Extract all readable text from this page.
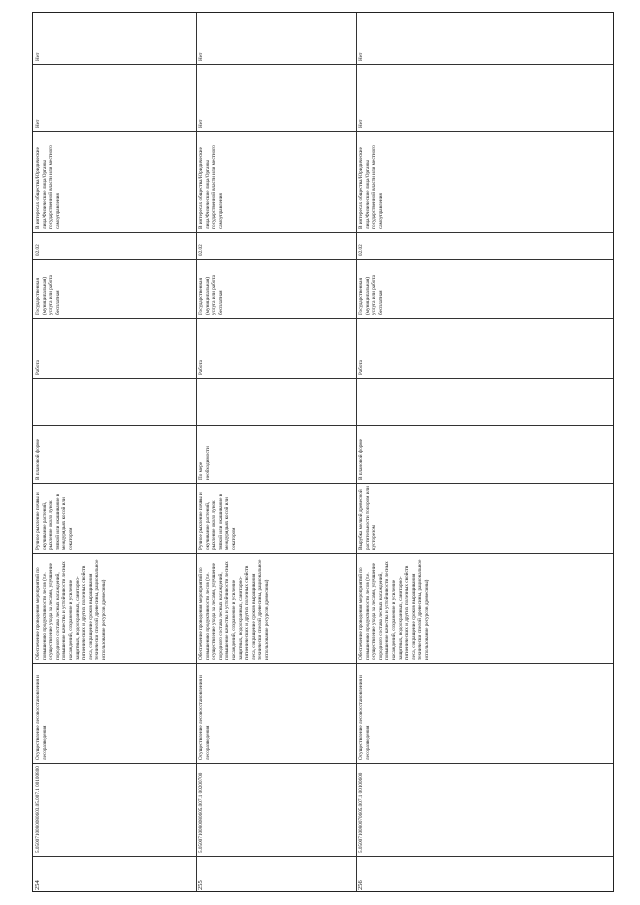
Нет
Нет
В интересах общества/Юридические лица/Физические лица/Органы государственной власти или местного самоуправления
02.02
Государственная (муниципальная) услуга или работа бесплатная
Работа
В плановой форме
Ручное рыхление почвы и окучивание растений, рыхление около лунок тяпкой или окашивание в междурядьях косой или секатором
Обеспечение проведения мероприятий по повышению продуктивности лесов (т.е. осуществление ухода за лесами, улучшение породного состава лесных насаждений, повышение качества и устойчивости лесных насаждений, сохранение и усиление защитных, водоохранных, санитарно-гигиенических и других полезных свойств леса, сокращение сроков выращивания технически спелой древесины, рациональное использование ресурсов древесины)
Осуществление лесовосстановления и лесоразведения
5.0500710080080603.05.007.1 00100800
254
Нет
Нет
В интересах общества/Юридические лица/Физические лица/Органы государственной власти или местного самоуправления
02.02
Государственная (муниципальная) услуга или работа бесплатная
Работа
По мере необходимости
Ручное рыхление почвы и окучивание растений, рыхление около лунок тяпкой или окашивание в междурядьях косой или секатором
Обеспечение проведения мероприятий по повышению продуктивности лесов (т.е. осуществление ухода за лесами, улучшение породного состава лесных насаждений, повышение качества и устойчивости лесных насаждений, сохранение и усиление защитных, водоохранных, санитарно-гигиенических и других полезных свойств леса, сокращение сроков выращивания технически спелой древесины, рациональное использование ресурсов древесины)
Осуществление лесовосстановления и лесоразведения
5.0500710080080605.007.1 00200700
255
Нет
Нет
В интересах общества/Юридические лица/Физические лица/Органы государственной власти или местного самоуправления
02.02
Государственная (муниципальная) услуга или работа бесплатная
Работа
В плановой форме
Вырубка мелкой древесной растительности топором или кусторезом
Обеспечение проведения мероприятий по повышению продуктивности лесов (т.е. осуществление ухода за лесами, улучшение породного состава лесных насаждений, повышение качества и устойчивости лесных насаждений, сохранение и усиление защитных, водоохранных, санитарно-гигиенических и других полезных свойств леса, сокращение сроков выращивания технически спелой древесины, рациональное использование ресурсов древесины)
Осуществление лесовосстановления и лесоразведения
5.0500710080070605.007.1 00100600
256
